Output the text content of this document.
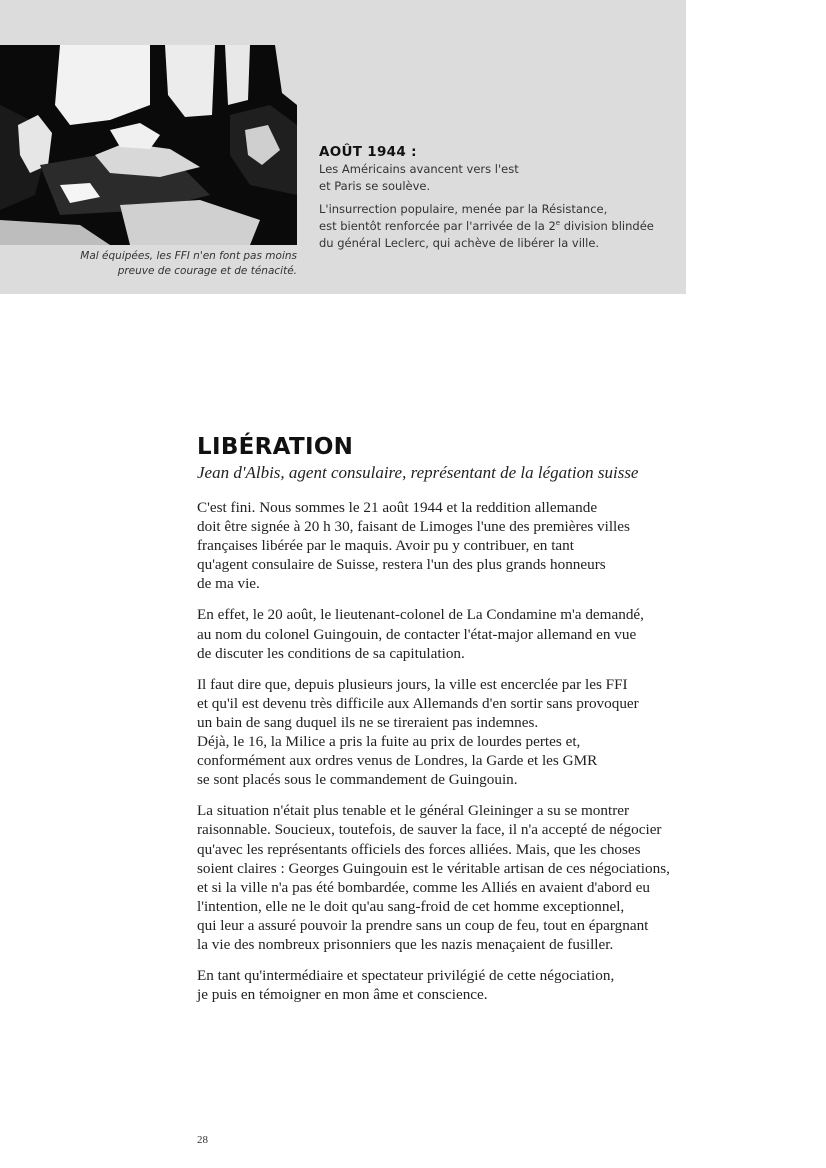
Mal équipées, les FFI n'en font pas moins
preuve de courage et de ténacité.
AOÛT 1944 :
Les Américains avancent vers l'est
et Paris se soulève.
L'insurrection populaire, menée par la Résistance,
est bientôt renforcée par l'arrivée de la 2e division blindée
du général Leclerc, qui achève de libérer la ville.
LIBÉRATION

Jean d'Albis, agent consulaire, représentant de la légation suisse

C'est fini. Nous sommes le 21 août 1944 et la reddition allemande
doit être signée à 20 h 30, faisant de Limoges l'une des premières villes
françaises libérée par le maquis. Avoir pu y contribuer, en tant
qu'agent consulaire de Suisse, restera l'un des plus grands honneurs
de ma vie.

En effet, le 20 août, le lieutenant-colonel de La Condamine m'a demandé,
au nom du colonel Guingouin, de contacter l'état-major allemand en vue
de discuter les conditions de sa capitulation.

Il faut dire que, depuis plusieurs jours, la ville est encerclée par les FFI
et qu'il est devenu très difficile aux Allemands d'en sortir sans provoquer
un bain de sang duquel ils ne se tireraient pas indemnes.
Déjà, le 16, la Milice a pris la fuite au prix de lourdes pertes et,
conformément aux ordres venus de Londres, la Garde et les GMR
se sont placés sous le commandement de Guingouin.

La situation n'était plus tenable et le général Gleininger a su se montrer
raisonnable. Soucieux, toutefois, de sauver la face, il n'a accepté de négocier
qu'avec les représentants officiels des forces alliées. Mais, que les choses
soient claires : Georges Guingouin est le véritable artisan de ces négociations,
et si la ville n'a pas été bombardée, comme les Alliés en avaient d'abord eu
l'intention, elle ne le doit qu'au sang-froid de cet homme exceptionnel,
qui leur a assuré pouvoir la prendre sans un coup de feu, tout en épargnant
la vie des nombreux prisonniers que les nazis menaçaient de fusiller.

En tant qu'intermédiaire et spectateur privilégié de cette négociation,
je puis en témoigner en mon âme et conscience.

28
